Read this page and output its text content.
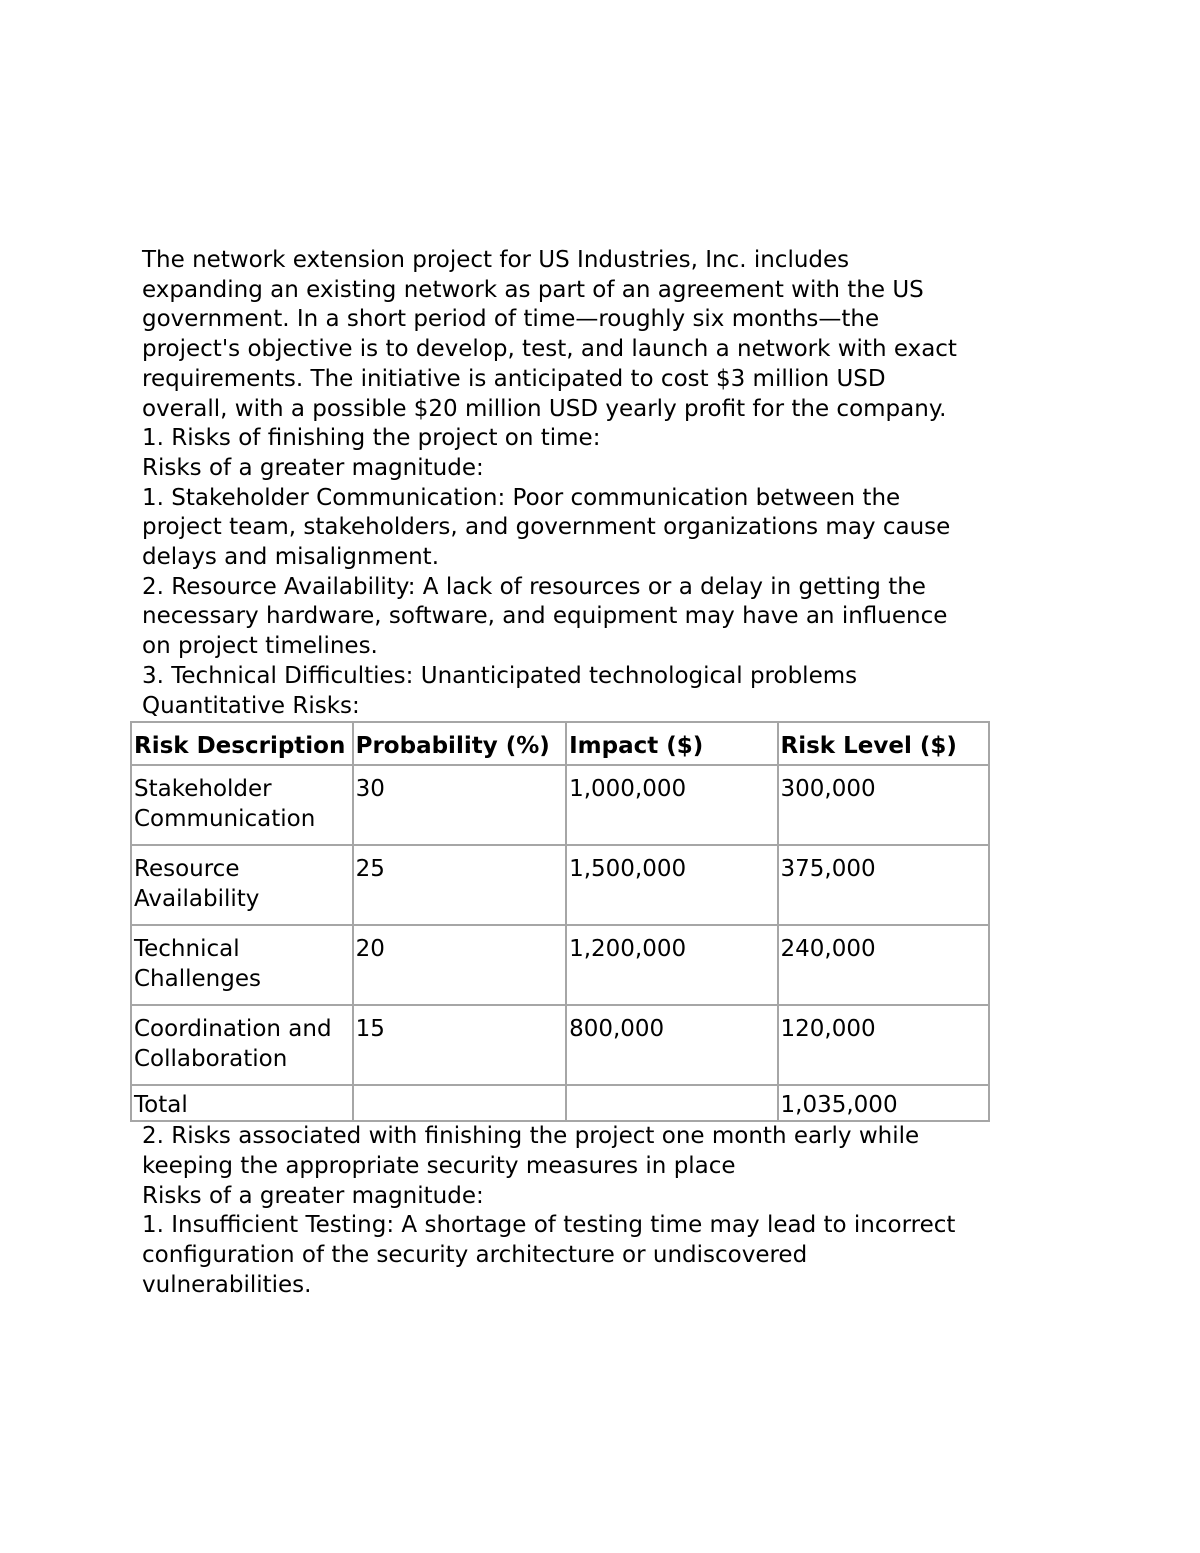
The network extension project for US Industries, Inc. includes

expanding an existing network as part of an agreement with the US

government. In a short period of time—roughly six months—the

project's objective is to develop, test, and launch a network with exact

requirements. The initiative is anticipated to cost $3 million USD

overall, with a possible $20 million USD yearly profit for the company.

1. Risks of finishing the project on time:

Risks of a greater magnitude:

1. Stakeholder Communication: Poor communication between the

project team, stakeholders, and government organizations may cause

delays and misalignment.

2. Resource Availability: A lack of resources or a delay in getting the

necessary hardware, software, and equipment may have an influence

on project timelines.

3. Technical Difficulties: Unanticipated technological problems

Quantitative Risks:

Risk Description	Probability (%)	Impact ($)	Risk Level ($)
Stakeholder Communication	30	1,000,000	300,000
Resource Availability	25	1,500,000	375,000
Technical Challenges	20	1,200,000	240,000
Coordination and Collaboration	15	800,000	120,000
Total			1,035,000

2. Risks associated with finishing the project one month early while

keeping the appropriate security measures in place

Risks of a greater magnitude:

1. Insufficient Testing: A shortage of testing time may lead to incorrect

configuration of the security architecture or undiscovered

vulnerabilities.
